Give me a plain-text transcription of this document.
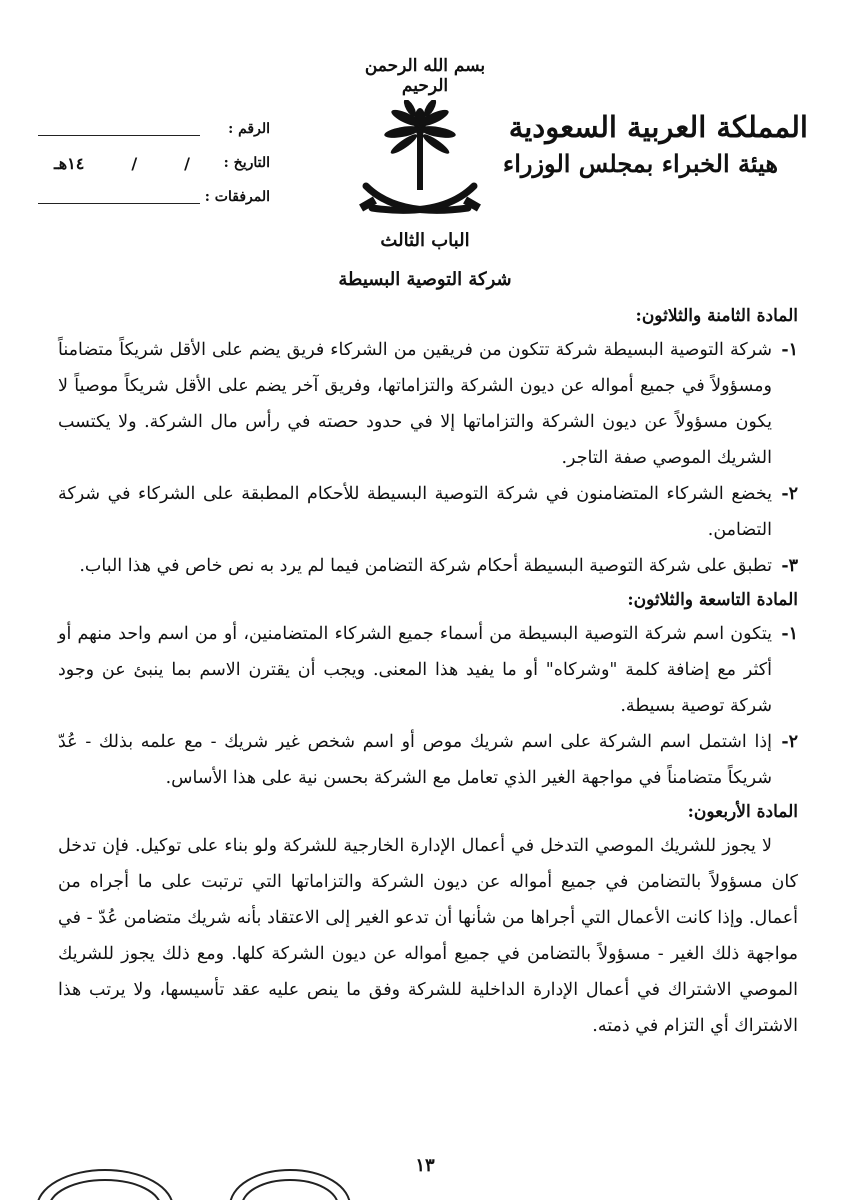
بسم الله الرحمن الرحيم
المملكة العربية السعودية
هيئة الخبراء بمجلس الوزراء
الرقم :
التاريخ :
/
/
١٤هـ
المرفقات :
الباب الثالث
شركة التوصية البسيطة
المادة الثامنة والثلاثون:
١-
شركة التوصية البسيطة شركة تتكون من فريقين من الشركاء فريق يضم على الأقل شريكاً متضامناً ومسؤولاً في جميع أمواله عن ديون الشركة والتزاماتها، وفريق آخر يضم على الأقل شريكاً موصياً لا يكون مسؤولاً عن ديون الشركة والتزاماتها إلا في حدود حصته في رأس مال الشركة. ولا يكتسب الشريك الموصي صفة التاجر.
٢-
يخضع الشركاء المتضامنون في شركة التوصية البسيطة للأحكام المطبقة على الشركاء في شركة التضامن.
٣-
تطبق على شركة التوصية البسيطة أحكام شركة التضامن فيما لم يرد به نص خاص في هذا الباب.
المادة التاسعة والثلاثون:
١-
يتكون اسم شركة التوصية البسيطة من أسماء جميع الشركاء المتضامنين، أو من اسم واحد منهم أو أكثر مع إضافة كلمة "وشركاه" أو ما يفيد هذا المعنى. ويجب أن يقترن الاسم بما ينبئ عن وجود شركة توصية بسيطة.
٢-
إذا اشتمل اسم الشركة على اسم شريك موص أو اسم شخص غير شريك - مع علمه بذلك - عُدّ شريكاً متضامناً في مواجهة الغير الذي تعامل مع الشركة بحسن نية على هذا الأساس.
المادة الأربعون:
لا يجوز للشريك الموصي التدخل في أعمال الإدارة الخارجية للشركة ولو بناء على توكيل. فإن تدخل كان مسؤولاً بالتضامن في جميع أمواله عن ديون الشركة والتزاماتها التي ترتبت على ما أجراه من أعمال. وإذا كانت الأعمال التي أجراها من شأنها أن تدعو الغير إلى الاعتقاد بأنه شريك متضامن عُدّ - في مواجهة ذلك الغير - مسؤولاً بالتضامن في جميع أمواله عن ديون الشركة كلها. ومع ذلك يجوز للشريك الموصي الاشتراك في أعمال الإدارة الداخلية للشركة وفق ما ينص عليه عقد تأسيسها، ولا يرتب هذا الاشتراك أي التزام في ذمته.
١٣
